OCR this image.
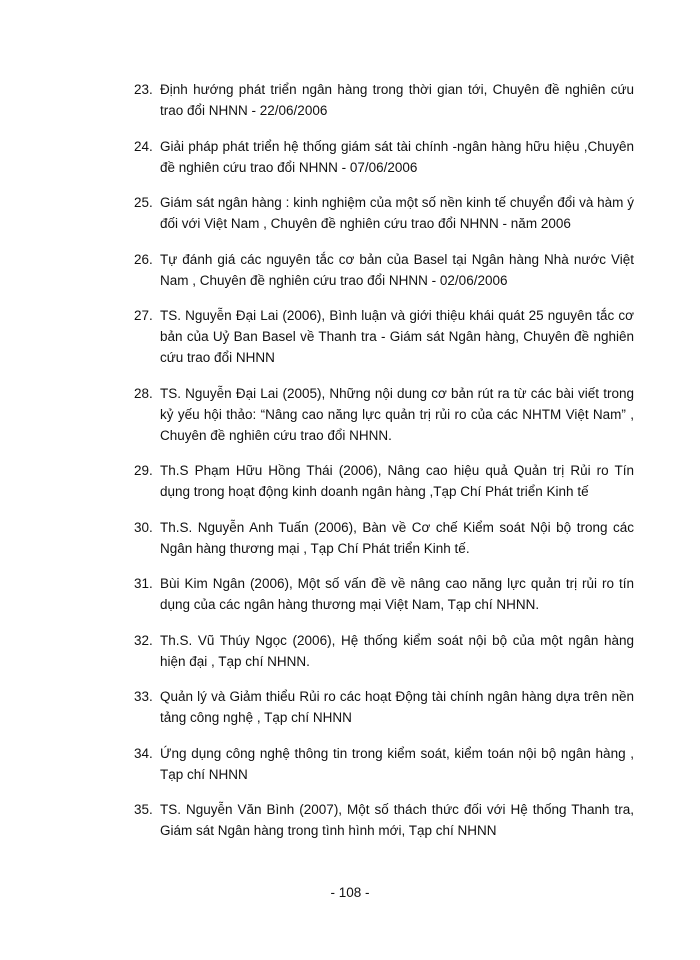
23. Định hướng phát triển ngân hàng trong thời gian tới, Chuyên đề nghiên cứu trao đổi NHNN - 22/06/2006
24. Giải pháp phát triển hệ thống giám sát tài chính -ngân hàng hữu hiệu ,Chuyên đề nghiên cứu trao đổi NHNN - 07/06/2006
25. Giám sát ngân hàng : kinh nghiệm của một số nền kinh tế chuyển đổi và hàm ý đối với Việt Nam , Chuyên đề nghiên cứu trao đổi NHNN - năm 2006
26. Tự đánh giá các nguyên tắc cơ bản của Basel tại Ngân hàng Nhà nước Việt Nam , Chuyên đề nghiên cứu trao đổi NHNN - 02/06/2006
27. TS. Nguyễn Đại Lai (2006), Bình luận và giới thiệu khái quát 25 nguyên tắc cơ bản của Uỷ Ban Basel về Thanh tra - Giám sát Ngân hàng, Chuyên đề nghiên cứu trao đổi NHNN
28. TS. Nguyễn Đại Lai (2005), Những nội dung cơ bản rút ra từ các bài viết trong kỷ yếu hội thảo: “Nâng cao năng lực quản trị rủi ro của các NHTM Việt Nam” , Chuyên đề nghiên cứu trao đổi NHNN.
29. Th.S Phạm Hữu Hồng Thái (2006), Nâng cao hiệu quả Quản trị Rủi ro Tín dụng trong hoạt động kinh doanh ngân hàng ,Tạp Chí Phát triển Kinh tế
30. Th.S. Nguyễn Anh Tuấn (2006), Bàn về Cơ chế Kiểm soát Nội bộ trong các Ngân hàng thương mại , Tạp Chí Phát triển Kinh tế.
31. Bùi Kim Ngân (2006), Một số vấn đề về nâng cao năng lực quản trị rủi ro tín dụng của các ngân hàng thương mại Việt Nam, Tạp chí NHNN.
32. Th.S. Vũ Thúy Ngọc (2006), Hệ thống kiểm soát nội bộ của một ngân hàng hiện đại , Tạp chí NHNN.
33. Quản lý và Giảm thiểu Rủi ro các hoạt Động tài chính ngân hàng dựa trên nền tảng công nghệ , Tạp chí NHNN
34. Ứng dụng công nghệ thông tin trong kiểm soát, kiểm toán nội bộ ngân hàng , Tạp chí NHNN
35. TS. Nguyễn Văn Bình (2007), Một số thách thức đối với Hệ thống Thanh tra, Giám sát Ngân hàng trong tình hình mới, Tạp chí NHNN
- 108 -
